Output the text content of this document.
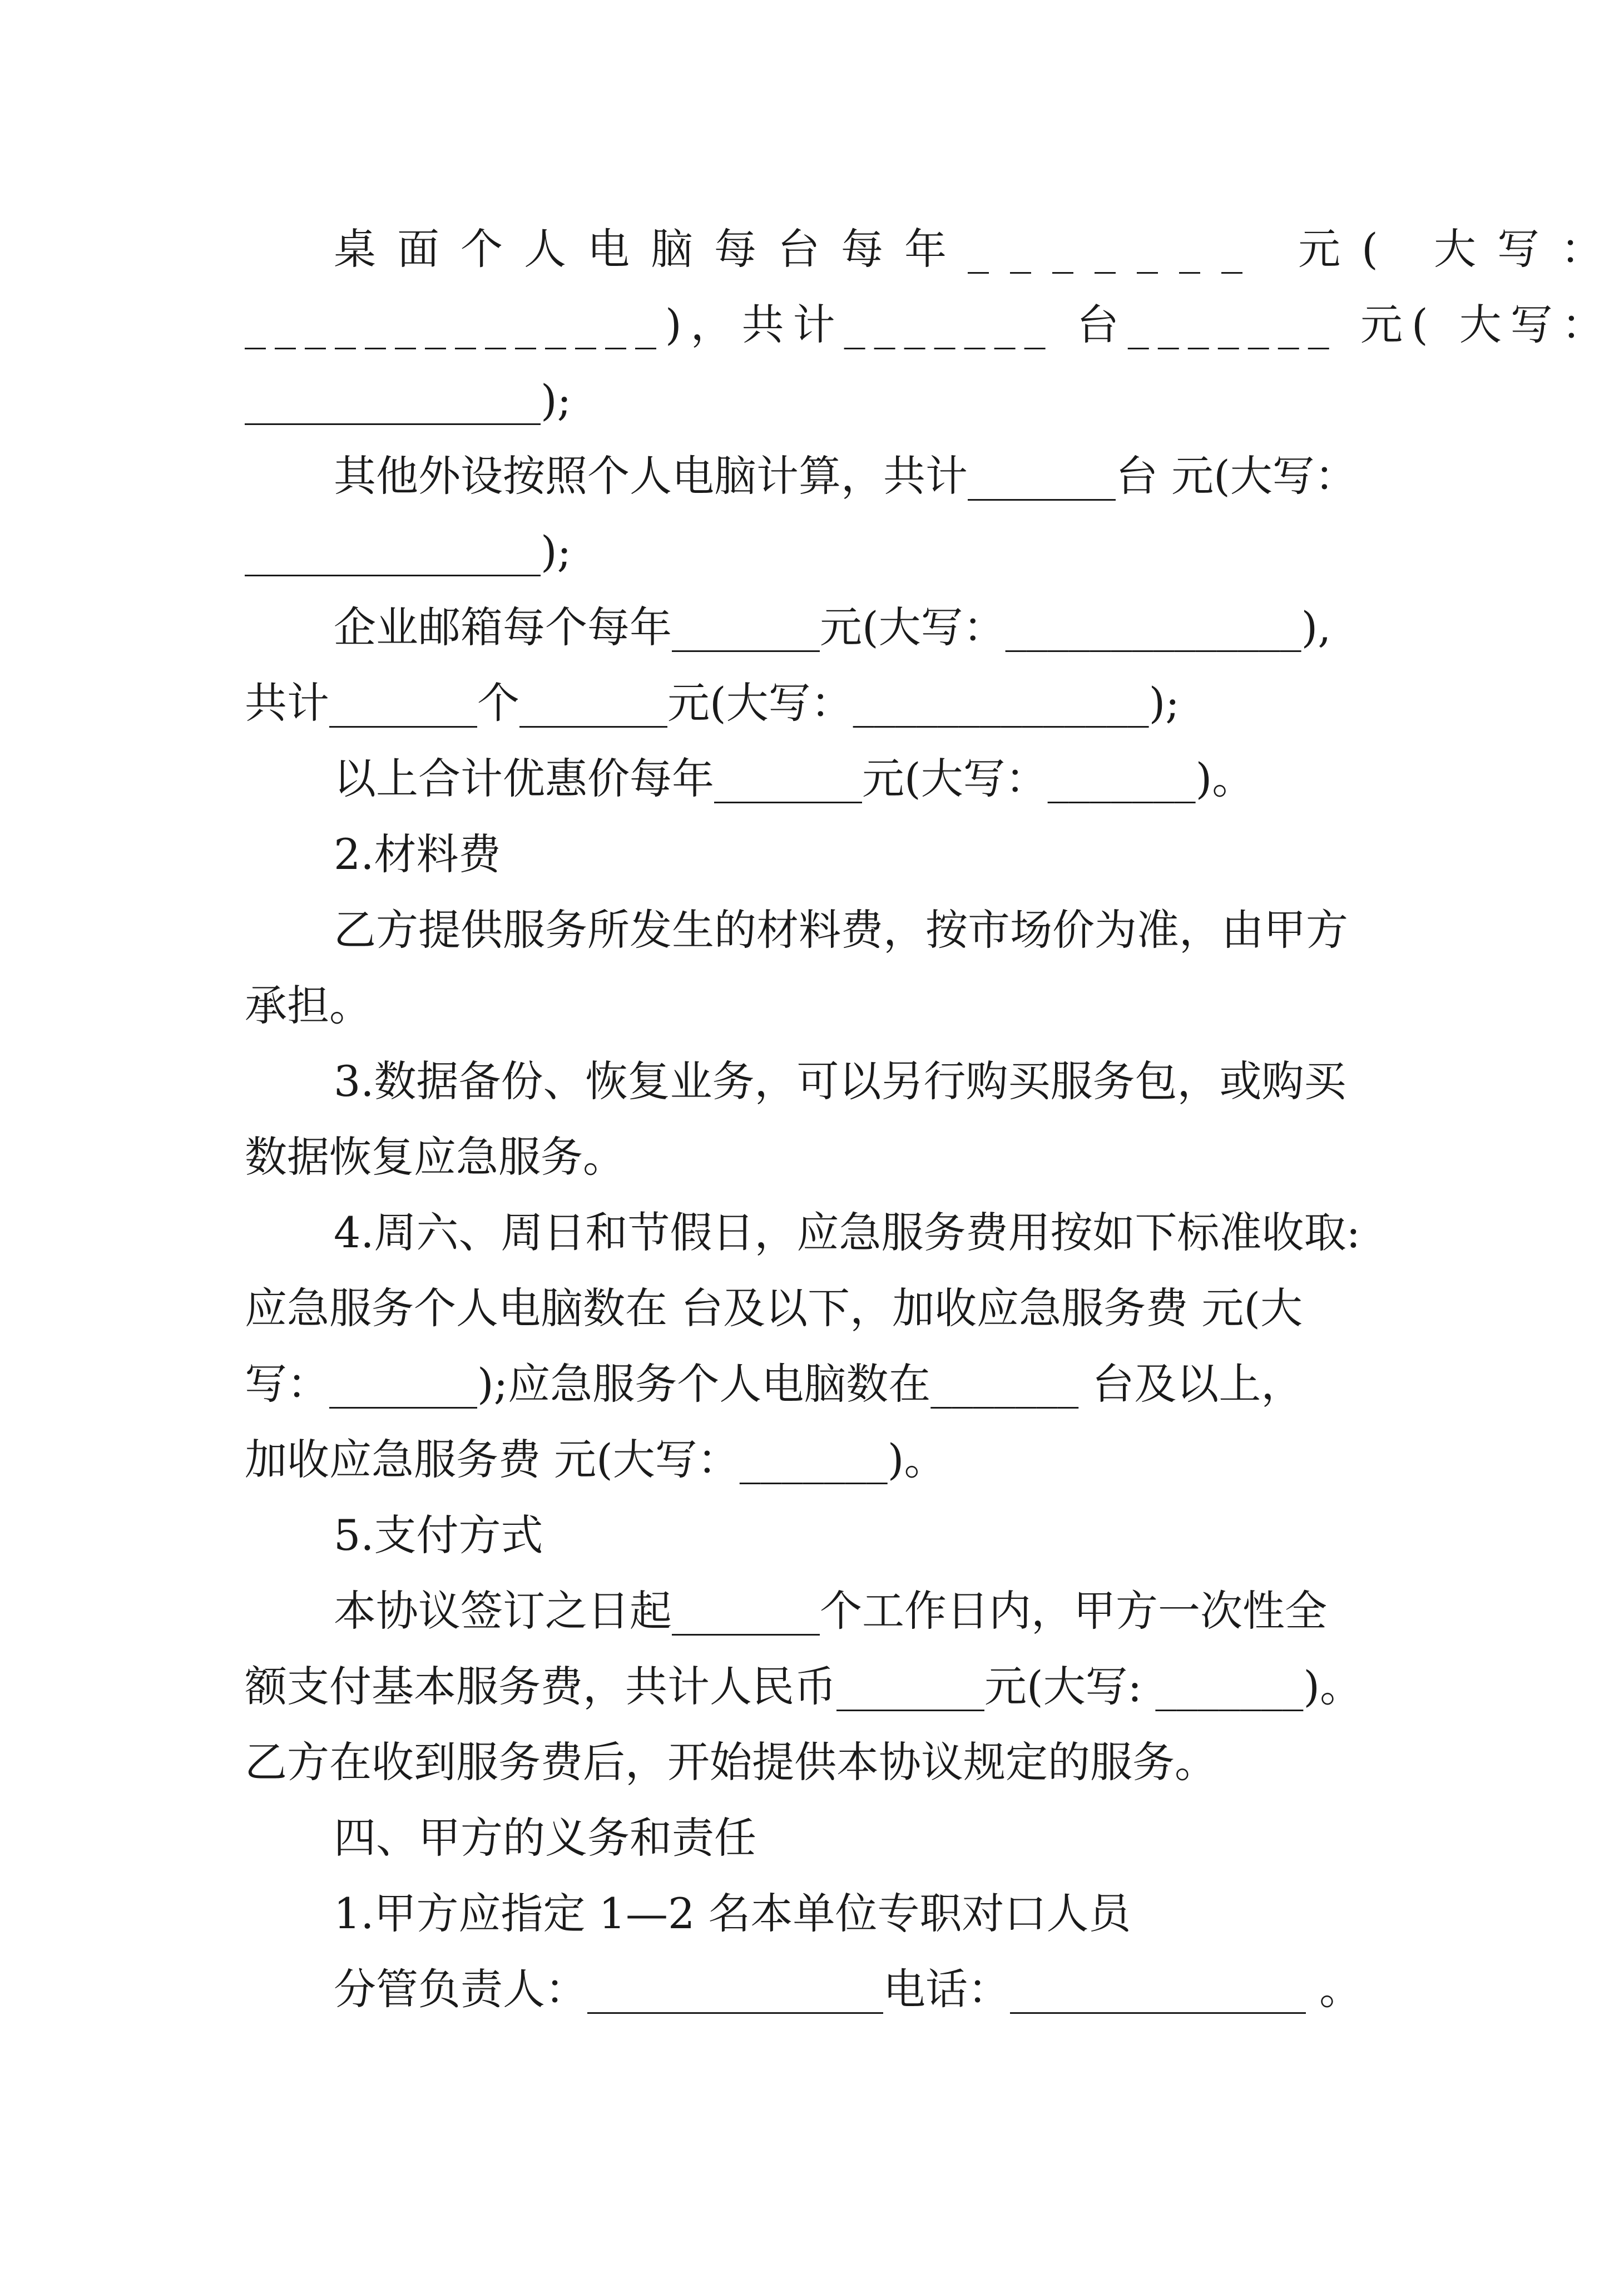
桌面个人电脑每台每年_______ 元( 大写：
______________)，共计_______ 台_______ 元( 大写：
______________);
其他外设按照个人电脑计算，共计_______台 元(大写：
______________);
企业邮箱每个每年_______元(大写：______________),
共计_______个_______元(大写：______________);
以上合计优惠价每年_______元(大写：_______)。
2.材料费
乙方提供服务所发生的材料费，按市场价为准，由甲方
承担。
3.数据备份、恢复业务，可以另行购买服务包，或购买
数据恢复应急服务。
4.周六、周日和节假日，应急服务费用按如下标准收取:
应急服务个人电脑数在 台及以下，加收应急服务费 元(大
写：_______);应急服务个人电脑数在_______ 台及以上，
加收应急服务费 元(大写：_______)。
5.支付方式
本协议签订之日起_______个工作日内，甲方一次性全
额支付基本服务费，共计人民币_______元(大写: _______)。
乙方在收到服务费后，开始提供本协议规定的服务。
四、甲方的义务和责任
1.甲方应指定 1—2 名本单位专职对口人员
分管负责人：______________电话：______________ 。
